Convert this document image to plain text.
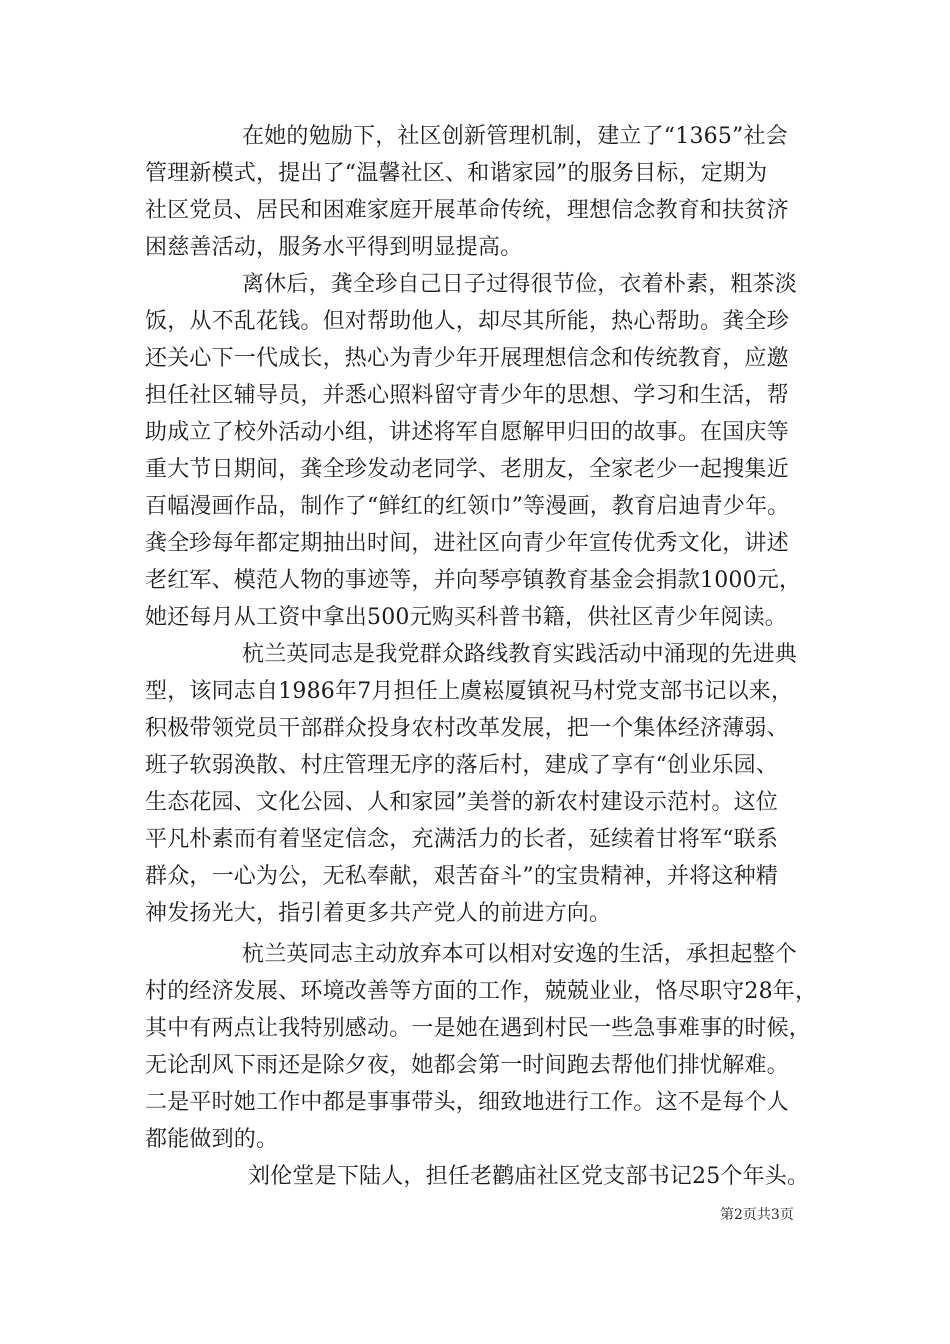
在她的勉励下，社区创新管理机制，建立了“1365”社会
管理新模式，提出了“温馨社区、和谐家园”的服务目标，定期为
社区党员、居民和困难家庭开展革命传统，理想信念教育和扶贫济
困慈善活动，服务水平得到明显提高。
离休后，龚全珍自己日子过得很节俭，衣着朴素，粗茶淡
饭，从不乱花钱。但对帮助他人，却尽其所能，热心帮助。龚全珍
还关心下一代成长，热心为青少年开展理想信念和传统教育，应邀
担任社区辅导员，并悉心照料留守青少年的思想、学习和生活，帮
助成立了校外活动小组，讲述将军自愿解甲归田的故事。在国庆等
重大节日期间，龚全珍发动老同学、老朋友，全家老少一起搜集近
百幅漫画作品，制作了“鲜红的红领巾”等漫画，教育启迪青少年。
龚全珍每年都定期抽出时间，进社区向青少年宣传优秀文化，讲述
老红军、模范人物的事迹等，并向琴亭镇教育基金会捐款1000元，
她还每月从工资中拿出500元购买科普书籍，供社区青少年阅读。
杭兰英同志是我党群众路线教育实践活动中涌现的先进典
型，该同志自1986年7月担任上虞崧厦镇祝马村党支部书记以来，
积极带领党员干部群众投身农村改革发展，把一个集体经济薄弱、
班子软弱涣散、村庄管理无序的落后村，建成了享有“创业乐园、
生态花园、文化公园、人和家园”美誉的新农村建设示范村。这位
平凡朴素而有着坚定信念，充满活力的长者，延续着甘将军“联系
群众，一心为公，无私奉献，艰苦奋斗”的宝贵精神，并将这种精
神发扬光大，指引着更多共产党人的前进方向。
杭兰英同志主动放弃本可以相对安逸的生活，承担起整个
村的经济发展、环境改善等方面的工作，兢兢业业，恪尽职守28年，
其中有两点让我特别感动。一是她在遇到村民一些急事难事的时候，
无论刮风下雨还是除夕夜，她都会第一时间跑去帮他们排忧解难。
二是平时她工作中都是事事带头，细致地进行工作。这不是每个人
都能做到的。
刘伦堂是下陆人，担任老鹳庙社区党支部书记25个年头。
第2页共3页
